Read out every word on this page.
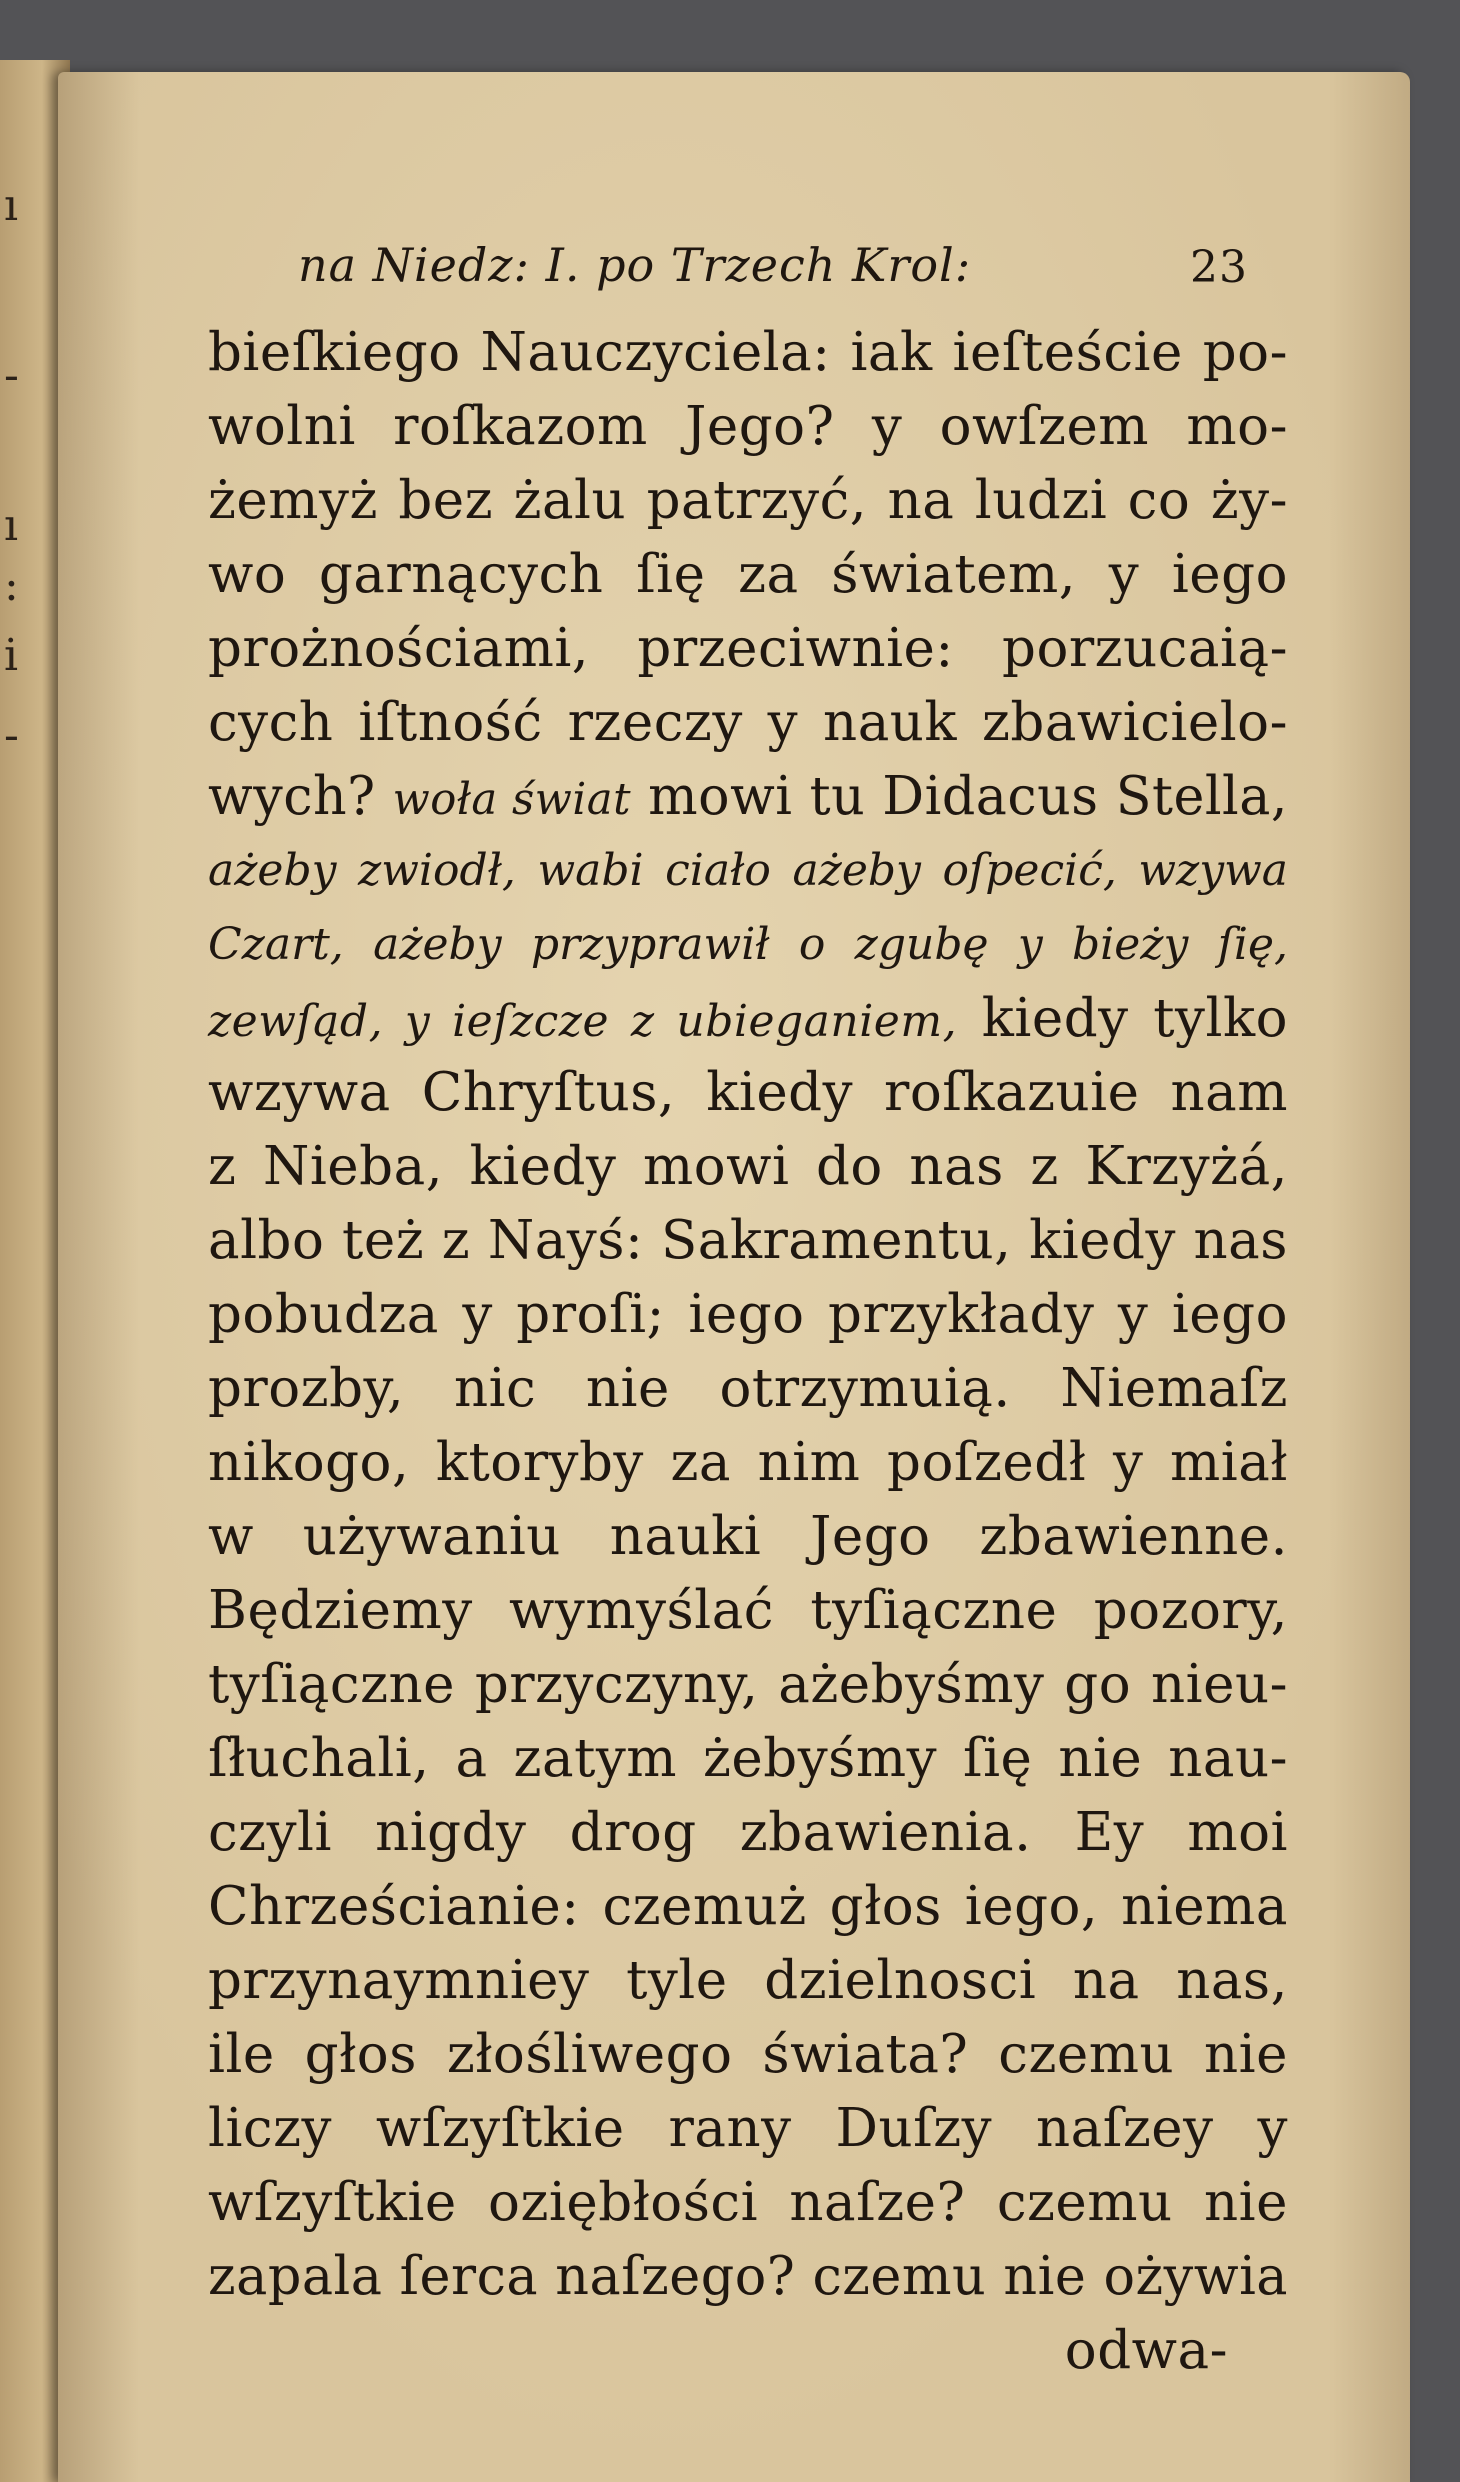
ı
-
ı
:
i
-
na Niedz: I. po Trzech Krol:	23
bieſkiego Nauczyciela: iak ieſteście po-
wolni roſkazom Jego? y owſzem mo-
żemyż bez żalu patrzyć, na ludzi co ży-
wo garnących ſię za światem, y iego
prożnościami, przeciwnie: porzucaią-
cych iſtność rzeczy y nauk zbawicielo-
wych? woła świat mowi tu Didacus Stella,
ażeby zwiodł, wabi ciało ażeby oſpecić, wzywa
Czart, ażeby przyprawił o zgubę y bieży ſię,
zewſąd, y ieſzcze z ubieganiem, kiedy tylko
wzywa Chryſtus, kiedy roſkazuie nam
z Nieba, kiedy mowi do nas z Krzyżá,
albo też z Nayś: Sakramentu, kiedy nas
pobudza y proſi; iego przykłady y iego
prozby, nic nie otrzymuią. Niemaſz
nikogo, ktoryby za nim poſzedł y miał
w używaniu nauki Jego zbawienne.
Będziemy wymyślać tyſiączne pozory,
tyſiączne przyczyny, ażebyśmy go nieu-
ſłuchali, a zatym żebyśmy ſię nie nau-
czyli nigdy drog zbawienia. Ey moi
Chrześcianie: czemuż głos iego, niema
przynaymniey tyle dzielnosci na nas,
ile głos złośliwego świata? czemu nie
liczy wſzyſtkie rany Duſzy naſzey y
wſzyſtkie oziębłości naſze? czemu nie
zapala ſerca naſzego? czemu nie ożywia
odwa-
